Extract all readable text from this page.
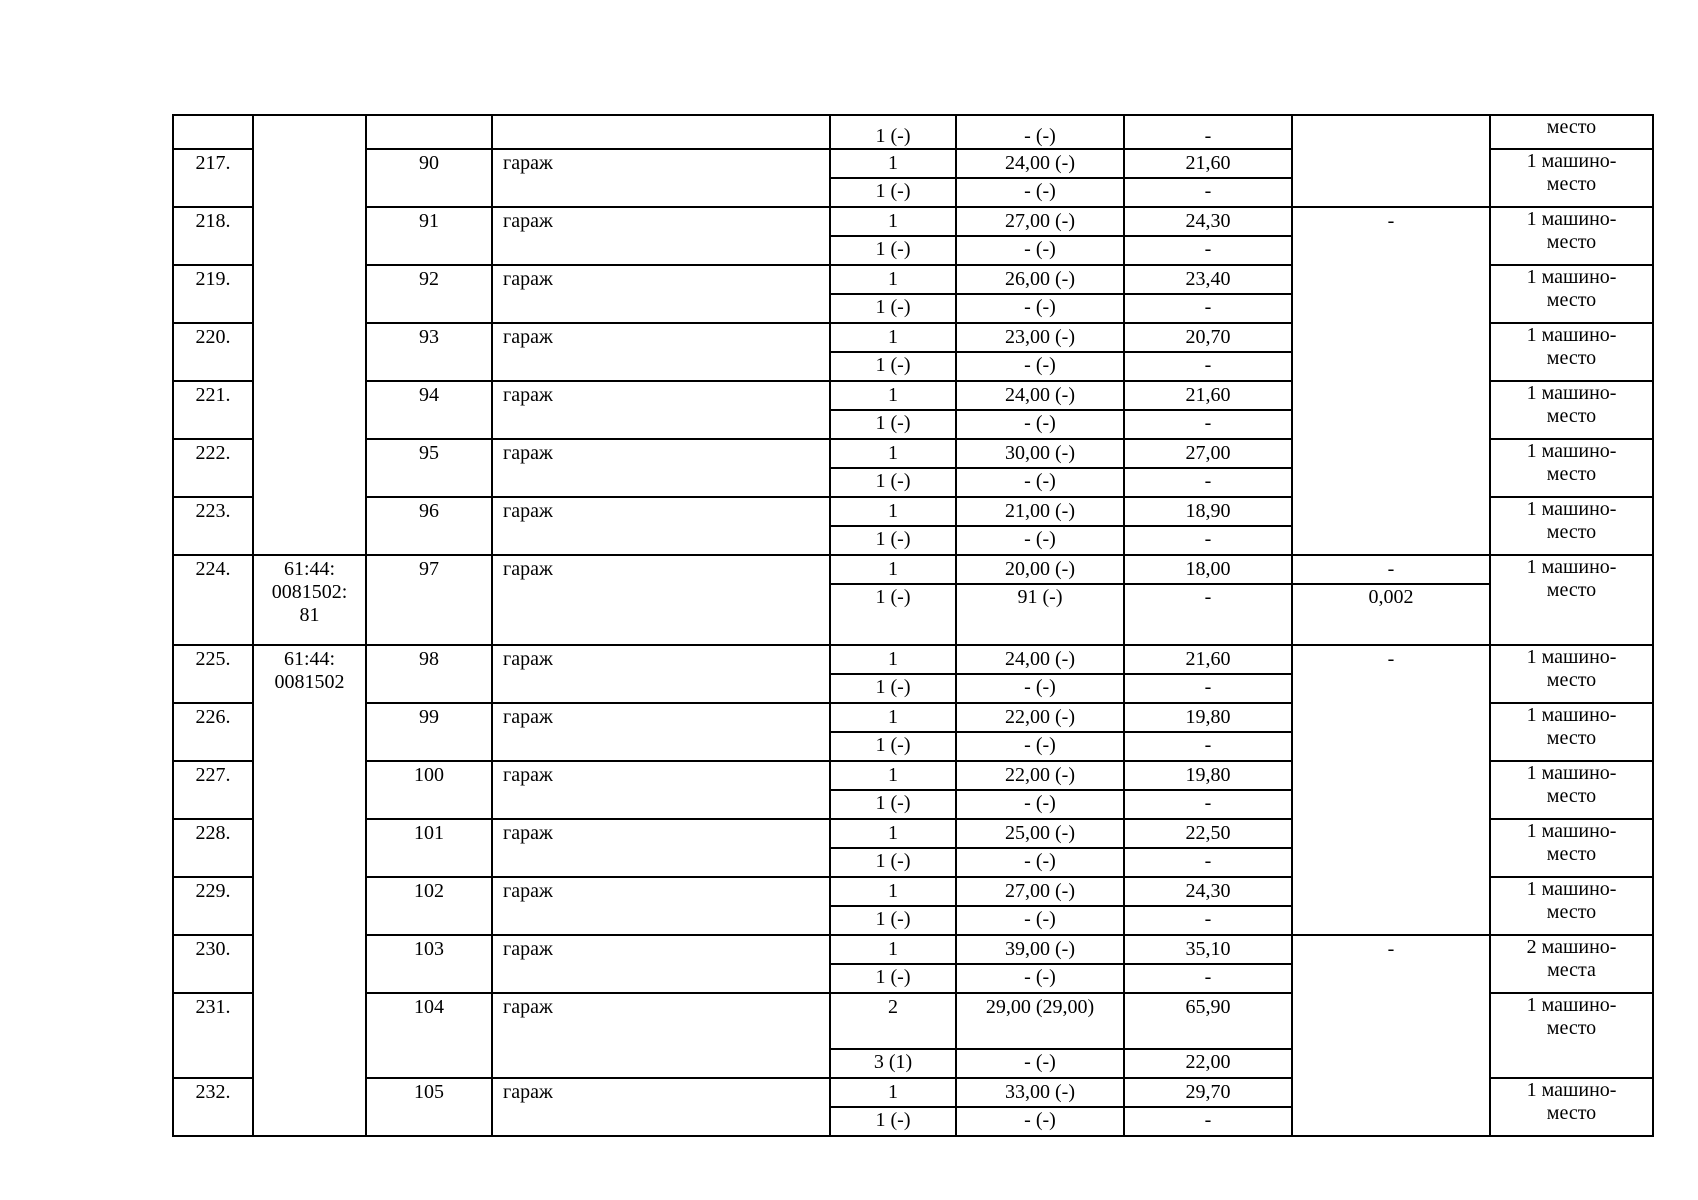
				1 (-)	- (-)	-		место
217.		90	гараж	1	24,00 (-)	21,60		1 машино-
место
				1 (-)	- (-)	-		
218.		91	гараж	1	27,00 (-)	24,30	-	1 машино-
место
				1 (-)	- (-)	-		
219.		92	гараж	1	26,00 (-)	23,40		1 машино-
место
				1 (-)	- (-)	-		
220.		93	гараж	1	23,00 (-)	20,70		1 машино-
место
				1 (-)	- (-)	-		
221.		94	гараж	1	24,00 (-)	21,60		1 машино-
место
				1 (-)	- (-)	-		
222.		95	гараж	1	30,00 (-)	27,00		1 машино-
место
				1 (-)	- (-)	-		
223.		96	гараж	1	21,00 (-)	18,90		1 машино-
место
				1 (-)	- (-)	-		
224.	61:44:
0081502:
81	97	гараж	1	20,00 (-)	18,00	-	1 машино-
место
				1 (-)	91 (-)	-	0,002	
225.	61:44:
0081502	98	гараж	1	24,00 (-)	21,60	-	1 машино-
место
				1 (-)	- (-)	-		
226.		99	гараж	1	22,00 (-)	19,80		1 машино-
место
				1 (-)	- (-)	-		
227.		100	гараж	1	22,00 (-)	19,80		1 машино-
место
				1 (-)	- (-)	-		
228.		101	гараж	1	25,00 (-)	22,50		1 машино-
место
				1 (-)	- (-)	-		
229.		102	гараж	1	27,00 (-)	24,30		1 машино-
место
				1 (-)	- (-)	-		
230.		103	гараж	1	39,00 (-)	35,10	-	2 машино-
места
				1 (-)	- (-)	-		
231.		104	гараж	2	29,00 (29,00)	65,90		1 машино-
место
				3 (1)	- (-)	22,00		
232.		105	гараж	1	33,00 (-)	29,70		1 машино-
место
				1 (-)	- (-)	-		
